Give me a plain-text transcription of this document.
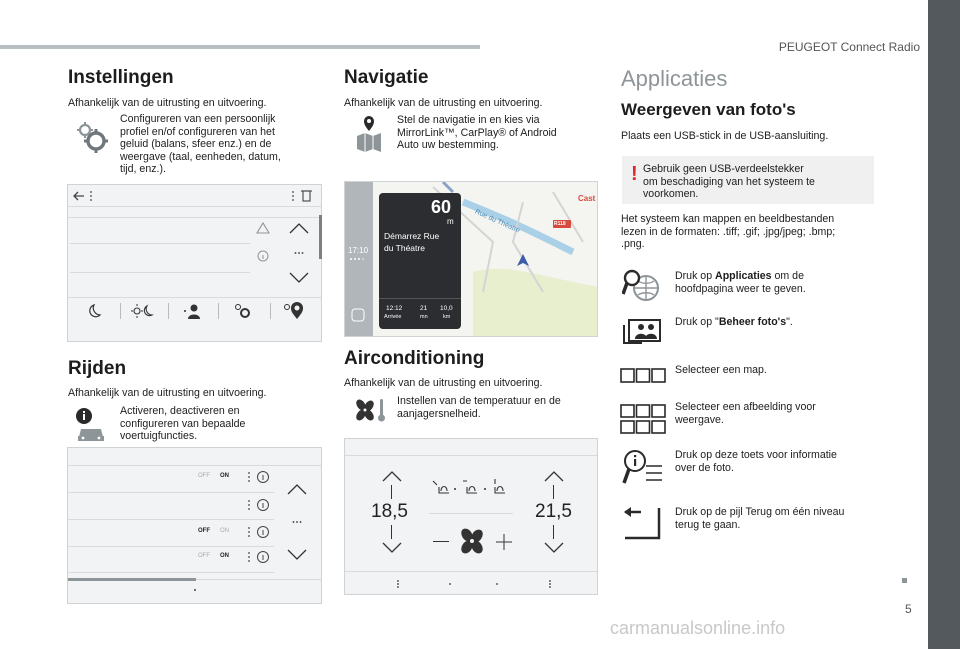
PEUGEOT Connect Radio
Instellingen
Afhankelijk van de uitrusting en uitvoering.
Configureren van een persoonlijk
profiel en/of configureren van het
geluid (balans, sfeer enz.) en de
weergave (taal, eenheden, datum,
tijd, enz.).
Rijden
Afhankelijk van de uitrusting en uitvoering.
Activeren, deactiveren en
configureren van bepaalde
voertuigfuncties.
OFF ON
OFF ON
OFF ON
Navigatie
Afhankelijk van de uitrusting en uitvoering.
Stel de navigatie in en kies via
MirrorLink™, CarPlay® of Android
Auto uw bestemming.
17:10
R118
Cast
Rue du Théatre
60
m
Démarrez Rue
du Théatre
12:12
Arrivée
21
mn
10,0
km
Airconditioning
Afhankelijk van de uitrusting en uitvoering.
Instellen van de temperatuur en de
aanjagersnelheid.
18,5	21,5
Applicaties
Weergeven van foto's
Plaats een USB-stick in de USB-aansluiting.
! Gebruik geen USB-verdeelstekker
om beschadiging van het systeem te
voorkomen.
Het systeem kan mappen en beeldbestanden
lezen in de formaten: .tiff; .gif; .jpg/jpeg; .bmp;
.png.
Druk op Applicaties om de
hoofdpagina weer te geven.
Druk op "Beheer foto's".
Selecteer een map.
Selecteer een afbeelding voor
weergave.
Druk op deze toets voor informatie
over de foto.
Druk op de pijl Terug om één niveau
terug te gaan.
5
carmanualsonline.info
